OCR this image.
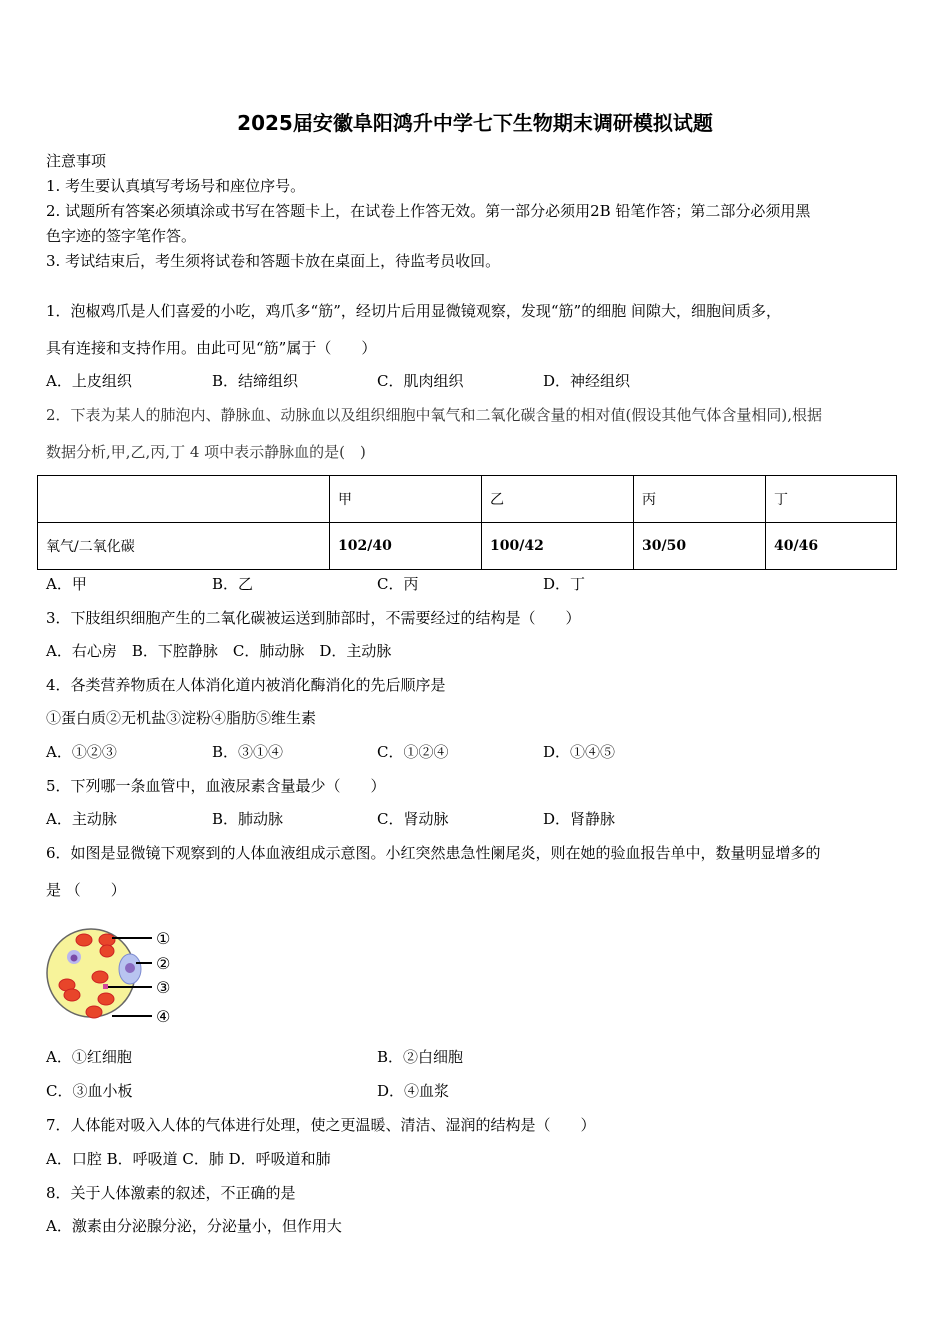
2025届安徽阜阳鸿升中学七下生物期末调研模拟试题
注意事项
1. 考生要认真填写考场号和座位序号。
2. 试题所有答案必须填涂或书写在答题卡上，在试卷上作答无效。第一部分必须用2B 铅笔作答；第二部分必须用黑
色字迹的签字笔作答。
3. 考试结束后，考生须将试卷和答题卡放在桌面上，待监考员收回。
1．泡椒鸡爪是人们喜爱的小吃，鸡爪多“筋”，经切片后用显微镜观察，发现“筋”的细胞 间隙大，细胞间质多，
具有连接和支持作用。由此可见“筋”属于（　　）
A．上皮组织	B．结缔组织	C．肌肉组织	D．神经组织
2．下表为某人的肺泡内、静脉血、动脉血以及组织细胞中氧气和二氧化碳含量的相对值(假设其他气体含量相同),根据
数据分析,甲,乙,丙,丁 4 项中表示静脉血的是(　)
	甲	乙	丙	丁
氧气/二氧化碳	102/40	100/42	30/50	40/46
A．甲	B．乙	C．丙	D．丁
3．下肢组织细胞产生的二氧化碳被运送到肺部时，不需要经过的结构是（　　）
A．右心房　B．下腔静脉　C．肺动脉　D．主动脉
4．各类营养物质在人体消化道内被消化酶消化的先后顺序是
①蛋白质②无机盐③淀粉④脂肪⑤维生素
A．①②③	B．③①④	C．①②④	D．①④⑤
5．下列哪一条血管中，血液尿素含量最少（　　）
A．主动脉	B．肺动脉	C．肾动脉	D．肾静脉
6．如图是显微镜下观察到的人体血液组成示意图。小红突然患急性阑尾炎，则在她的验血报告单中，数量明显增多的
是 （　　）
①
②
③
④
A．①红细胞	B．②白细胞
C．③血小板	D．④血浆
7．人体能对吸入人体的气体进行处理，使之更温暖、清洁、湿润的结构是（　　）
A．口腔 B．呼吸道 C．肺 D．呼吸道和肺
8．关于人体激素的叙述，不正确的是
A．激素由分泌腺分泌，分泌量小，但作用大
